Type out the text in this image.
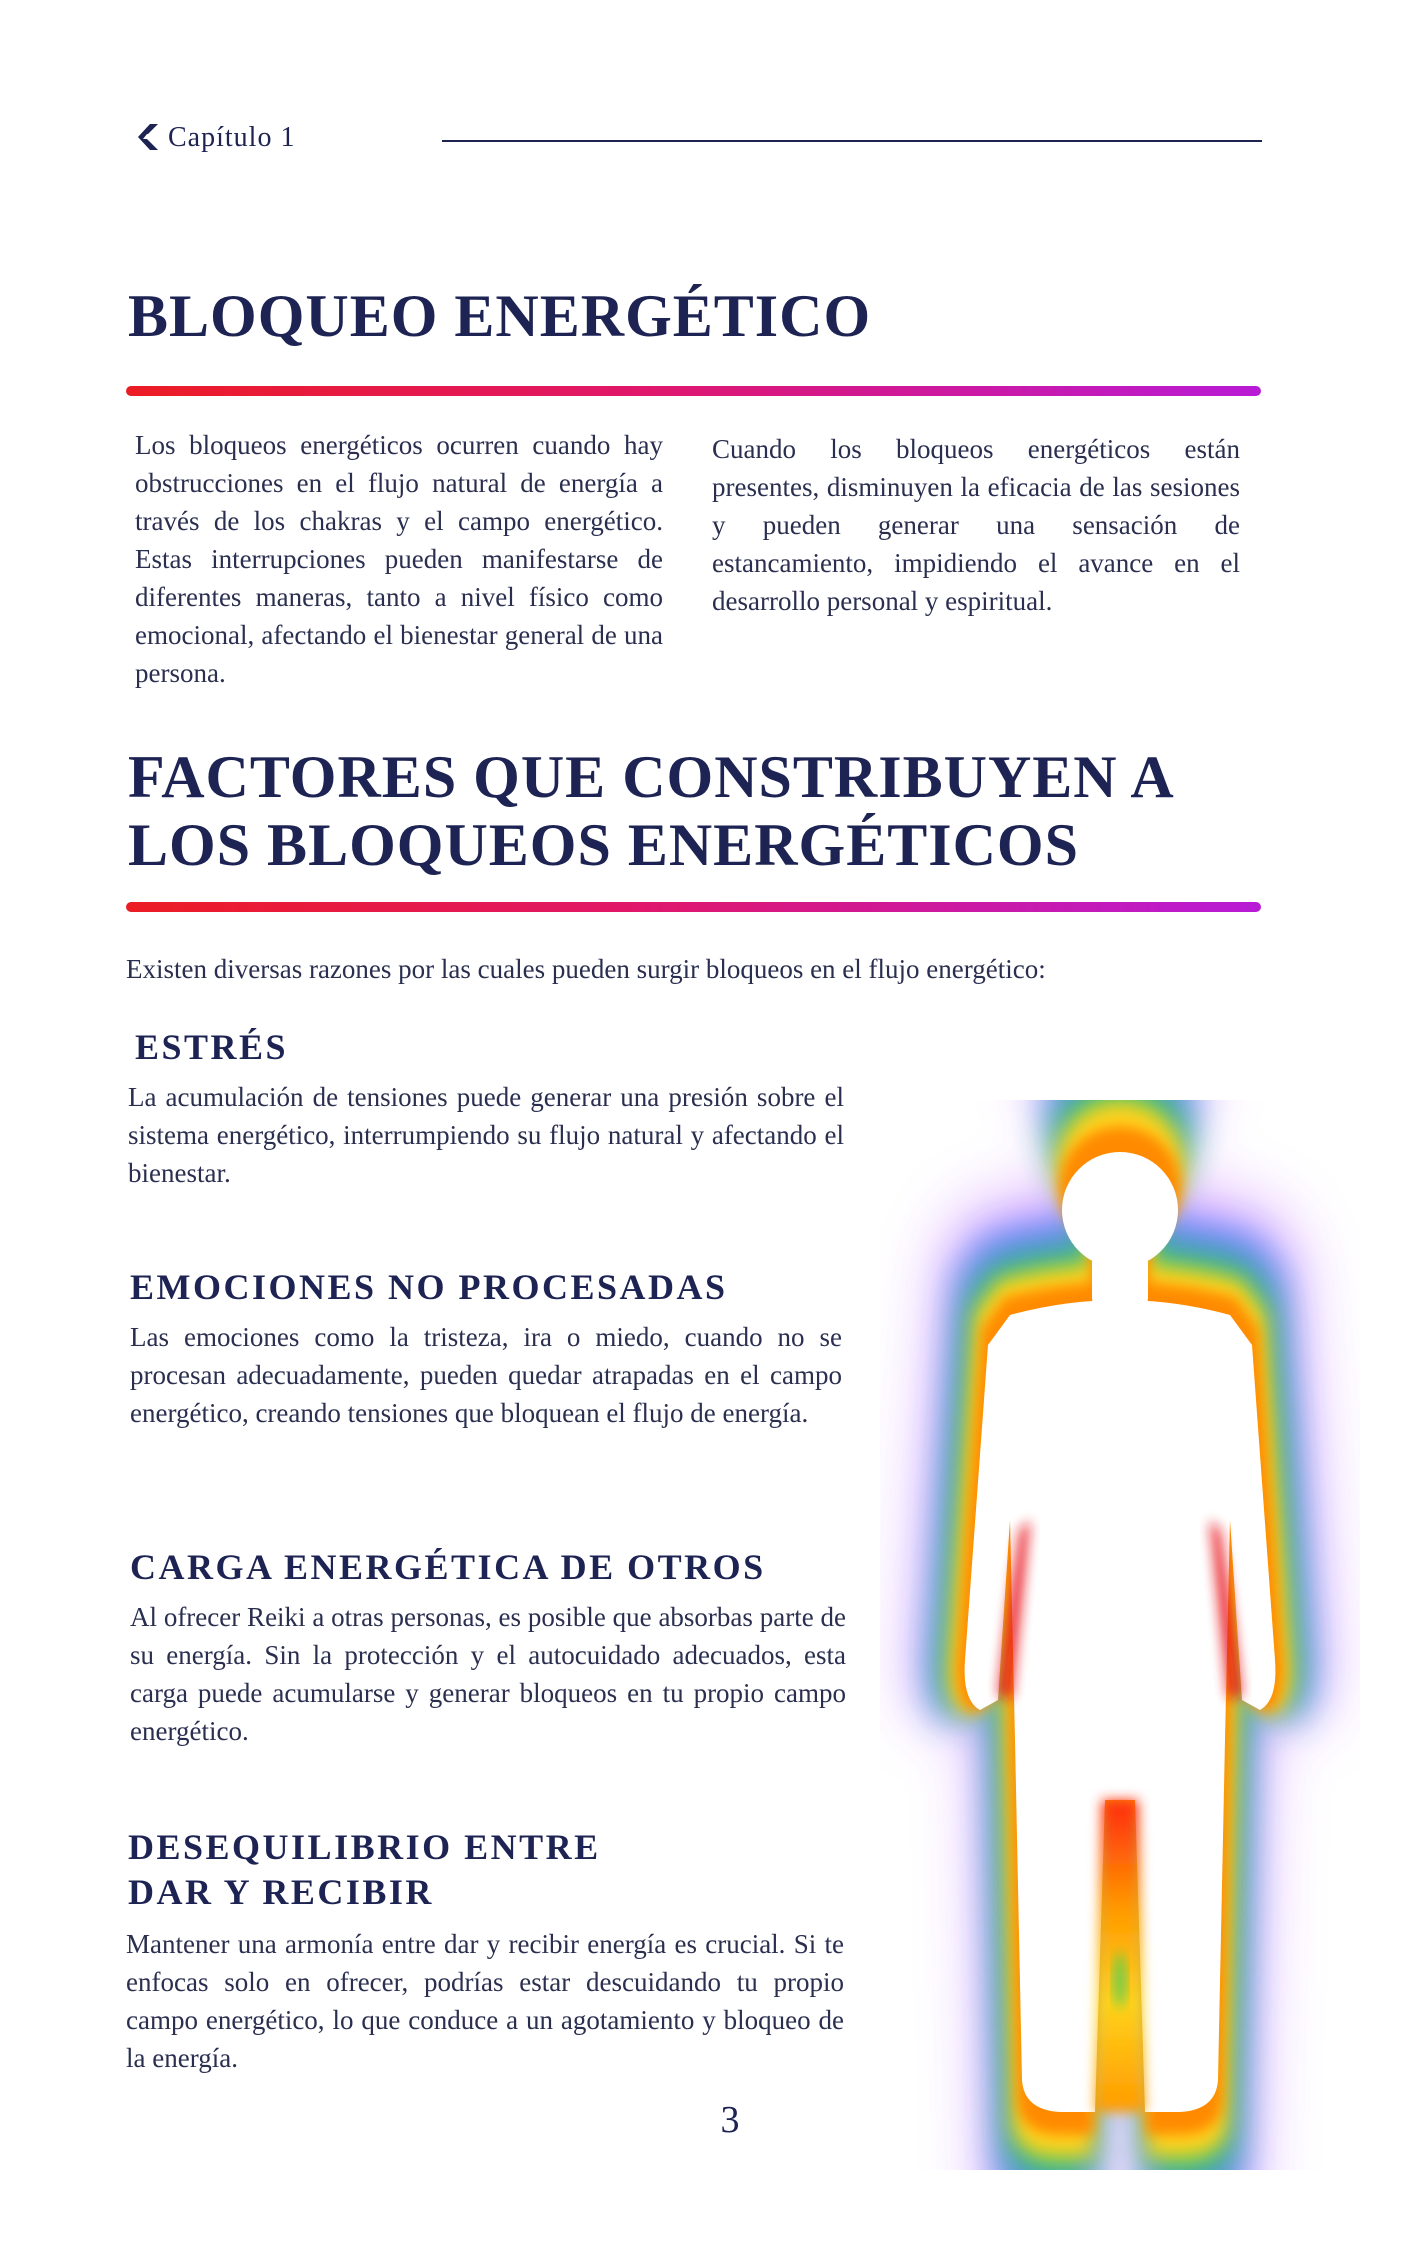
Capítulo 1
BLOQUEO ENERGÉTICO

Los bloqueos energéticos ocurren cuando hay obstrucciones en el flujo natural de energía a través de los chakras y el campo energético. Estas interrupciones pueden manifestarse de diferentes maneras, tanto a nivel físico como emocional, afectando el bienestar general de una persona.

Cuando los bloqueos energéticos están presentes, disminuyen la eficacia de las sesiones y pueden generar una sensación de estancamiento, impidiendo el avance en el desarrollo personal y espiritual.

FACTORES QUE CONSTRIBUYEN A
LOS BLOQUEOS ENERGÉTICOS

Existen diversas razones por las cuales pueden surgir bloqueos en el flujo energético:

ESTRÉS

La acumulación de tensiones puede generar una presión sobre el sistema energético, interrumpiendo su flujo natural y afectando el bienestar.

EMOCIONES NO PROCESADAS

Las emociones como la tristeza, ira o miedo, cuando no se procesan adecuadamente, pueden quedar atrapadas en el campo energético, creando tensiones que bloquean el flujo de energía.

CARGA ENERGÉTICA DE OTROS

Al ofrecer Reiki a otras personas, es posible que absorbas parte de su energía. Sin la protección y el autocuidado adecuados, esta carga puede acumularse y generar bloqueos en tu propio campo energético.

DESEQUILIBRIO ENTRE
DAR Y RECIBIR

Mantener una armonía entre dar y recibir energía es crucial. Si te enfocas solo en ofrecer, podrías estar descuidando tu propio campo energético, lo que conduce a un agotamiento y bloqueo de la energía.

3
